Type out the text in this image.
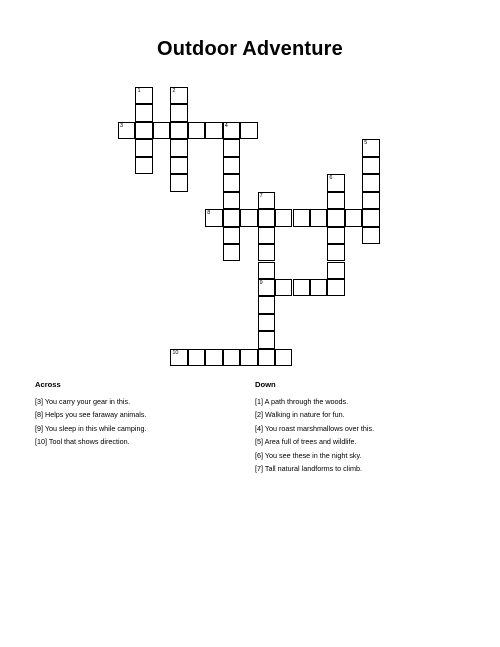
Outdoor Adventure
3	4
8
9
10
1	2
5
6
7
Across
[3] You carry your gear in this.
[8] Helps you see faraway animals.
[9] You sleep in this while camping.
[10] Tool that shows direction.
Down
[1] A path through the woods.
[2] Walking in nature for fun.
[4] You roast marshmallows over this.
[5] Area full of trees and wildlife.
[6] You see these in the night sky.
[7] Tall natural landforms to climb.
